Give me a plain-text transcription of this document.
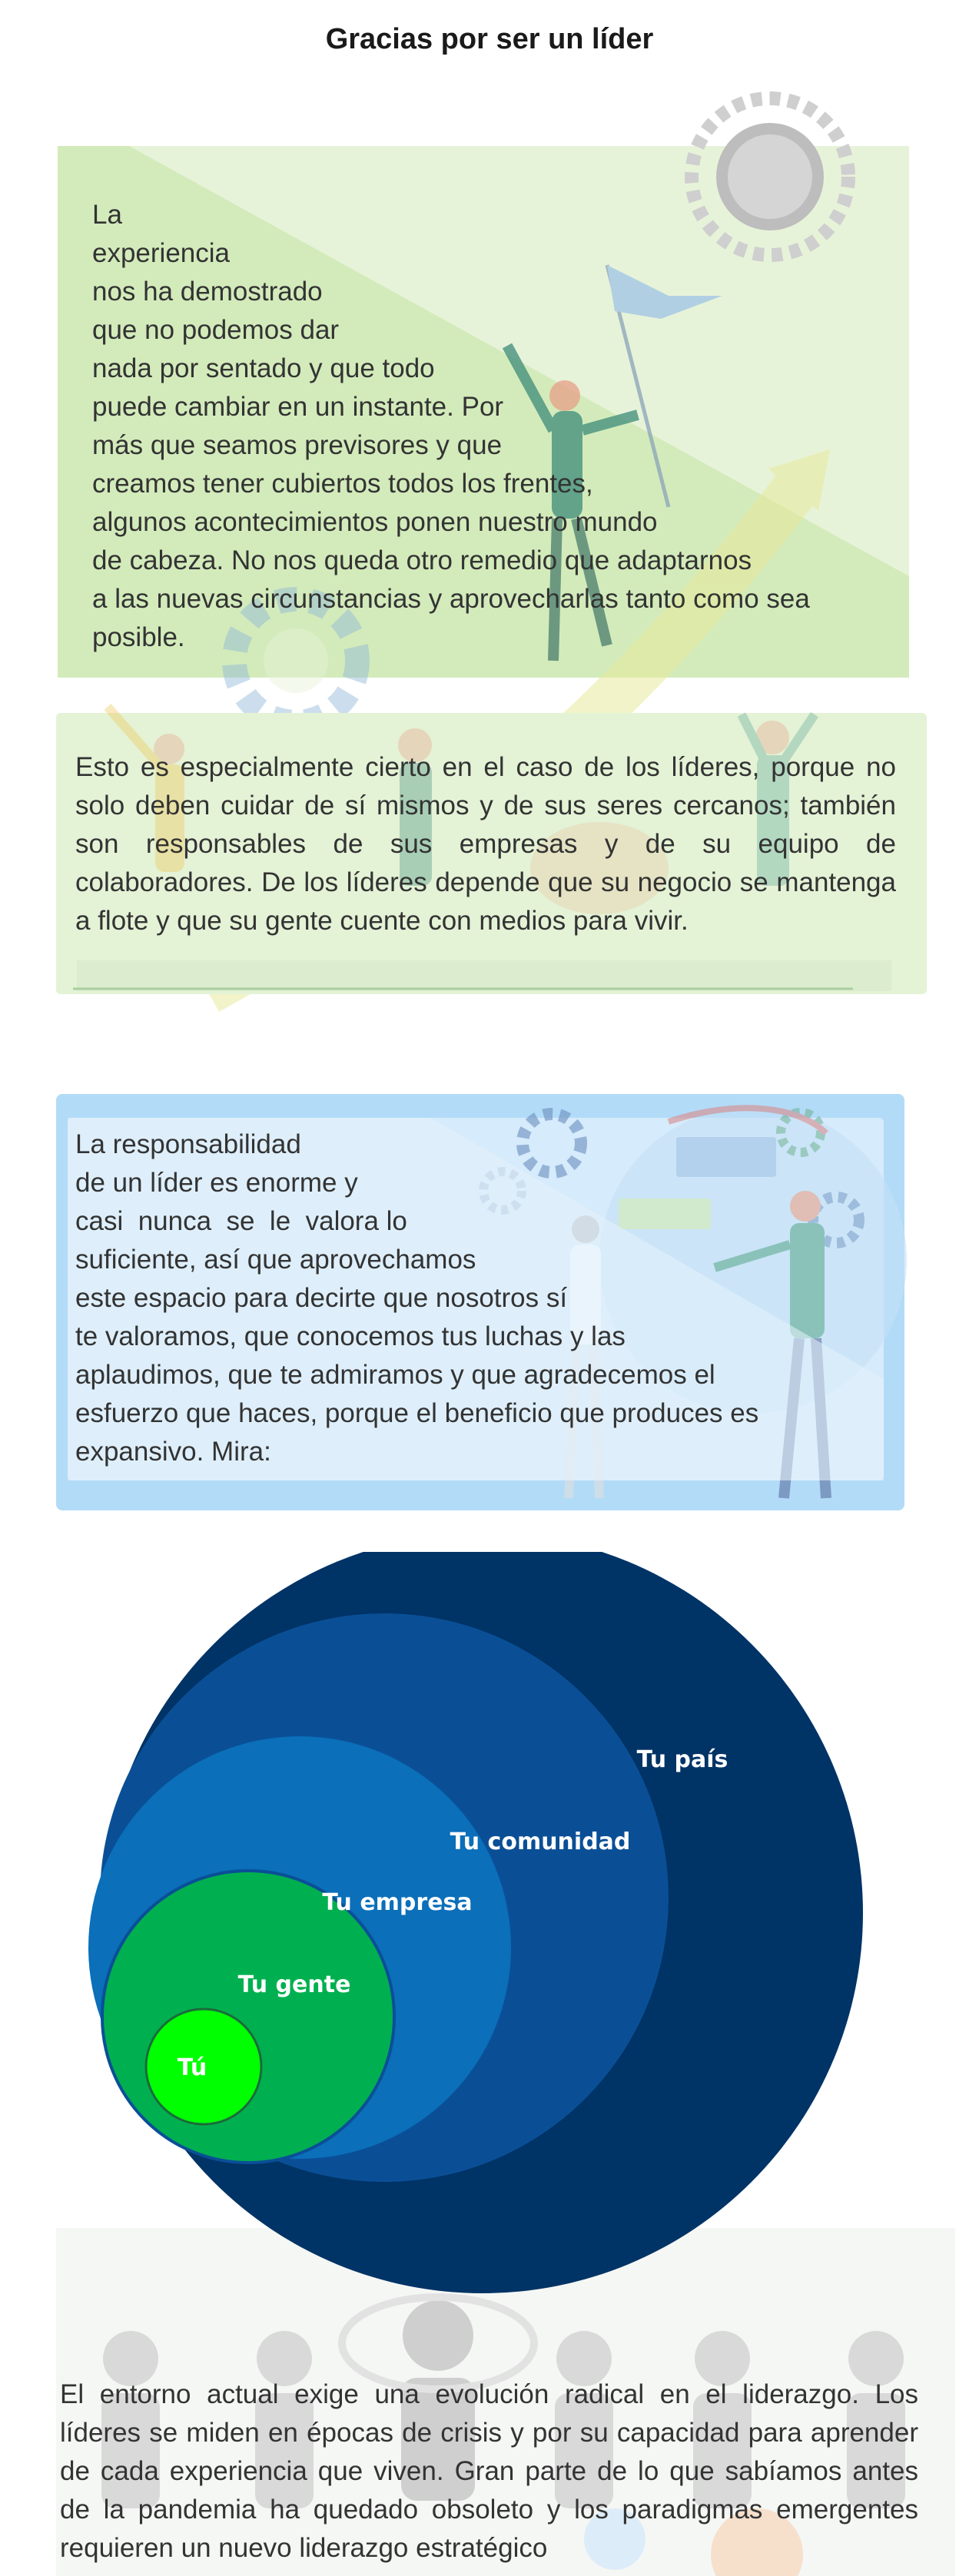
Gracias por ser un líder
La
experiencia
nos ha demostrado
que no podemos dar
nada por sentado y que todo
puede cambiar en un instante. Por
más que seamos previsores y que
creamos tener cubiertos todos los frentes,
algunos acontecimientos ponen nuestro mundo
de cabeza. No nos queda otro remedio que adaptarnos
a las nuevas circunstancias y aprovecharlas tanto como sea
posible.
Esto es especialmente cierto en el caso de los líderes, porque no solo deben cuidar de sí mismos y de sus seres cercanos; también son responsables de sus empresas y de su equipo de colaboradores. De los líderes depende que su negocio se mantenga a flote y que su gente cuente con medios para vivir.
La responsabilidad
de un líder es enorme y
casi  nunca  se  le  valora lo
suficiente, así que aprovechamos
este espacio para decirte que nosotros sí
te valoramos, que conocemos tus luchas y las
aplaudimos, que te admiramos y que agradecemos el
esfuerzo que haces, porque el beneficio que produces es
expansivo. Mira:
Tu país
Tu comunidad
Tu empresa
Tu gente
Tú
El entorno actual exige una evolución radical en el liderazgo. Los líderes se miden en épocas de crisis y por su capacidad para aprender de cada experiencia que viven. Gran parte de lo que sabíamos antes de la pandemia ha quedado obsoleto y los paradigmas emergentes requieren un nuevo liderazgo estratégico
